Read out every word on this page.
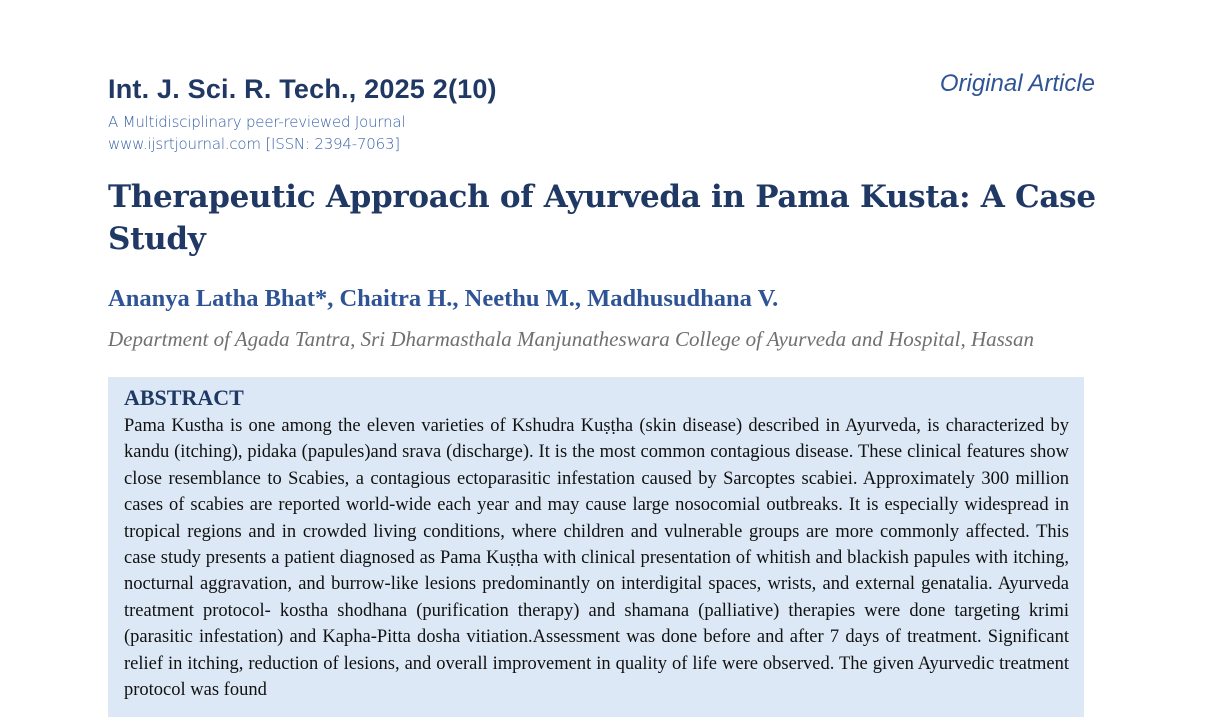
Int. J. Sci. R. Tech., 2025 2(10)	Original Article
A Multidisciplinary peer-reviewed Journal
www.ijsrtjournal.com [ISSN: 2394-7063]
Therapeutic Approach of Ayurveda in Pama Kusta: A Case Study
Ananya Latha Bhat*, Chaitra H., Neethu M., Madhusudhana V.
Department of Agada Tantra, Sri Dharmasthala Manjunatheswara College of Ayurveda and Hospital, Hassan
ABSTRACT

Pama Kustha is one among the eleven varieties of Kshudra Kuṣṭha (skin disease) described in Ayurveda, is characterized by kandu (itching), pidaka (papules)and srava (discharge). It is the most common contagious disease. These clinical features show close resemblance to Scabies, a contagious ectoparasitic infestation caused by Sarcoptes scabiei. Approximately 300 million cases of scabies are reported world-wide each year and may cause large nosocomial outbreaks. It is especially widespread in tropical regions and in crowded living conditions, where children and vulnerable groups are more commonly affected. This case study presents a patient diagnosed as Pama Kuṣṭha with clinical presentation of whitish and blackish papules with itching, nocturnal aggravation, and burrow-like lesions predominantly on interdigital spaces, wrists, and external genatalia. Ayurveda treatment protocol- kostha shodhana (purification therapy) and shamana (palliative) therapies were done targeting krimi (parasitic infestation) and Kapha-Pitta dosha vitiation.Assessment was done before and after 7 days of treatment. Significant relief in itching, reduction of lesions, and overall improvement in quality of life were observed. The given Ayurvedic treatment protocol was found
